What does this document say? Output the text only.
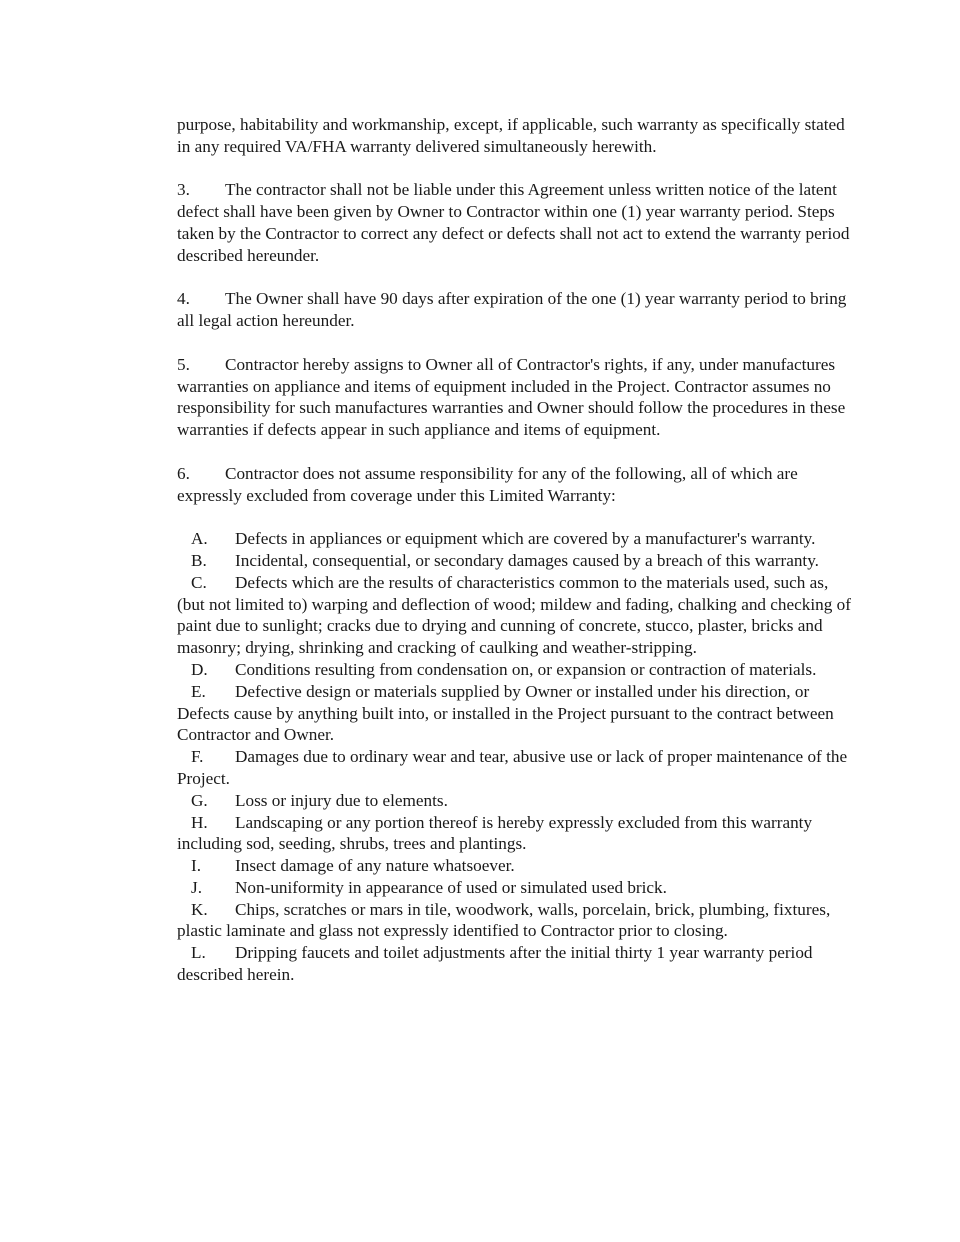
purpose, habitability and workmanship, except, if applicable, such warranty as specifically stated in any required VA/FHA warranty delivered simultaneously herewith.

3. The contractor shall not be liable under this Agreement unless written notice of the latent defect shall have been given by Owner to Contractor within one (1) year warranty period. Steps taken by the Contractor to correct any defect or defects shall not act to extend the warranty period described hereunder.

4. The Owner shall have 90 days after expiration of the one (1) year warranty period to bring all legal action hereunder.

5. Contractor hereby assigns to Owner all of Contractor's rights, if any, under manufactures warranties on appliance and items of equipment included in the Project. Contractor assumes no responsibility for such manufactures warranties and Owner should follow the procedures in these warranties if defects appear in such appliance and items of equipment.

6. Contractor does not assume responsibility for any of the following, all of which are expressly excluded from coverage under this Limited Warranty:

A. Defects in appliances or equipment which are covered by a manufacturer's warranty.

B. Incidental, consequential, or secondary damages caused by a breach of this warranty.

C. Defects which are the results of characteristics common to the materials used, such as, (but not limited to) warping and deflection of wood; mildew and fading, chalking and checking of paint due to sunlight; cracks due to drying and cunning of concrete, stucco, plaster, bricks and masonry; drying, shrinking and cracking of caulking and weather-stripping.

D. Conditions resulting from condensation on, or expansion or contraction of materials.

E. Defective design or materials supplied by Owner or installed under his direction, or Defects cause by anything built into, or installed in the Project pursuant to the contract between Contractor and Owner.

F. Damages due to ordinary wear and tear, abusive use or lack of proper maintenance of the Project.

G. Loss or injury due to elements.

H. Landscaping or any portion thereof is hereby expressly excluded from this warranty including sod, seeding, shrubs, trees and plantings.

I. Insect damage of any nature whatsoever.

J. Non-uniformity in appearance of used or simulated used brick.

K. Chips, scratches or mars in tile, woodwork, walls, porcelain, brick, plumbing, fixtures, plastic laminate and glass not expressly identified to Contractor prior to closing.

L. Dripping faucets and toilet adjustments after the initial thirty 1 year warranty period described herein.
